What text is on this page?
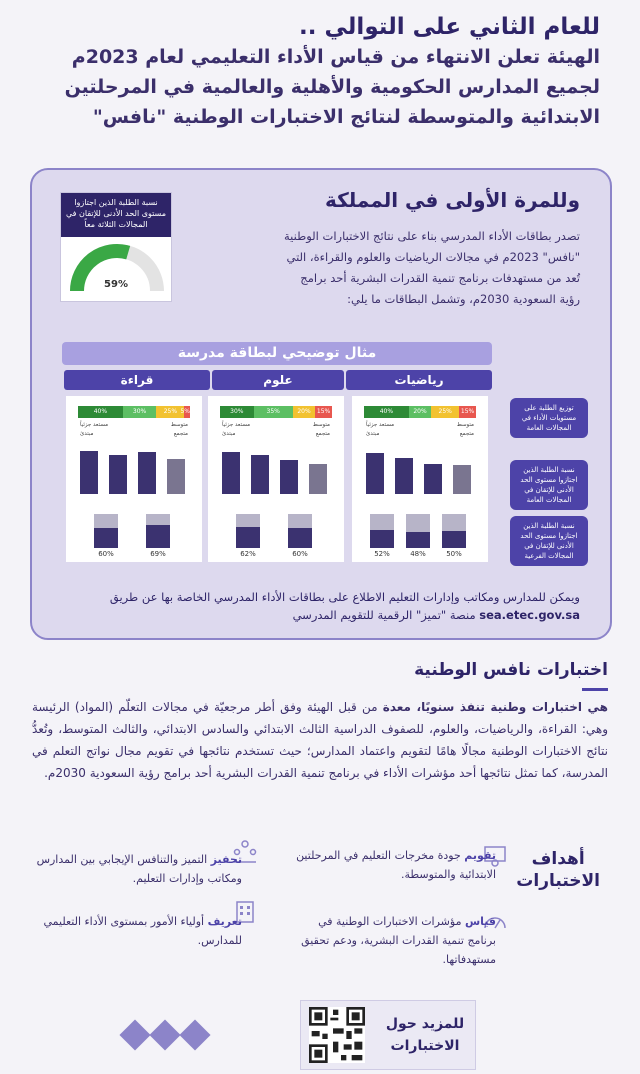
للعام الثاني على التوالي ..
الهيئة تعلن الانتهاء من قياس الأداء التعليمي لعام 2023م
لجميع المدارس الحكومية والأهلية والعالمية في المرحلتين
الابتدائية والمتوسطة لنتائج الاختبارات الوطنية "نافس"
وللمرة الأولى في المملكة
تصدر بطاقات الأداء المدرسي بناء على نتائج الاختبارات الوطنية "نافس" 2023م في مجالات الرياضيات والعلوم والقراءة، التي تُعد من مستهدفات برنامج تنمية القدرات البشرية أحد برامج رؤية السعودية 2030م، وتشمل البطاقات ما يلي:
نسبة الطلبة الذين اجتازوا مستوى الحد الأدنى للإتقان في المجالات الثلاثة معاً
59%
مثال توضيحي لبطاقة مدرسة
رياضيات
علوم
قراءة
40%	20%	25%	15%
متوسط
مستعد جزئياً
متجمع
مبتدئ
52%	48%	50%
30%	35%	20%	15%
متوسط
مستعد جزئياً
متجمع
مبتدئ
62%	60%
40%	30%	25% 5%
متوسط
مستعد جزئياً
متجمع
مبتدئ
60%	69%
توزيع الطلبة على مستويات الأداء في المجالات العامة
نسبة الطلبة الذين اجتازوا مستوى الحد الأدنى للإتقان في المجالات العامة
نسبة الطلبة الذين اجتازوا مستوى الحد الأدنى للإتقان في المجالات الفرعية
ويمكن للمدارس ومكاتب وإدارات التعليم الاطلاع على بطاقات الأداء المدرسي الخاصة بها عن طريق
sea.etec.gov.sa منصة "تميز" الرقمية للتقويم المدرسي
اختبارات نافس الوطنية
هي اختبارات وطنية تنفذ سنويًا، معدة من قبل الهيئة وفق أطر مرجعيّة في مجالات التعلّم (المواد) الرئيسة وهي: القراءة، والرياضيات، والعلوم، للصفوف الدراسية الثالث الابتدائي والسادس الابتدائي، والثالث المتوسط، وتُعدُّ نتائج الاختبارات الوطنية مجالًا هامًا لتقويم واعتماد المدارس؛ حيث تستخدم نتائجها في تقويم مجال نواتج التعلم في المدرسة، كما تمثل نتائجها أحد مؤشرات الأداء في برنامج تنمية القدرات البشرية أحد برامج رؤية السعودية 2030م.
أهداف
الاختبارات
تقويم جودة مخرجات التعليم في المرحلتين الابتدائية والمتوسطة.
تحفيز التميز والتنافس الإيجابي بين المدارس ومكاتب وإدارات التعليم.
قياس مؤشرات الاختبارات الوطنية في برنامج تنمية القدرات البشرية، ودعم تحقيق مستهدفاتها.
تعريف أولياء الأمور بمستوى الأداء التعليمي للمدارس.
للمزيد حول
الاختبارات
